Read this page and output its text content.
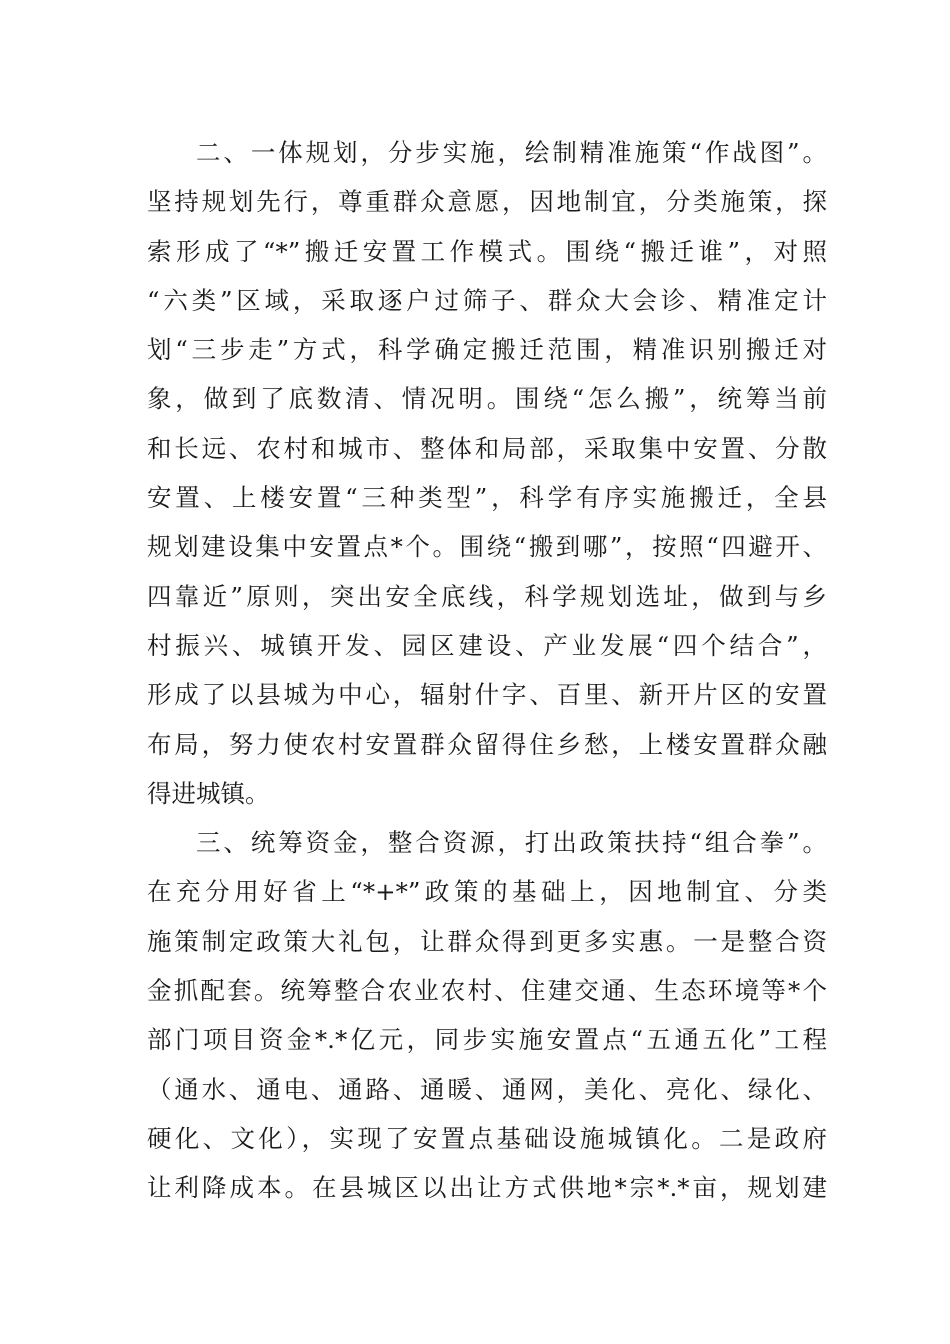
二、一体规划，分步实施，绘制精准施策“作战图”。
坚持规划先行，尊重群众意愿，因地制宜，分类施策，探
索形成了“*”搬迁安置工作模式。围绕“搬迁谁”，对照
“六类”区域，采取逐户过筛子、群众大会诊、精准定计
划“三步走”方式，科学确定搬迁范围，精准识别搬迁对
象，做到了底数清、情况明。围绕“怎么搬”，统筹当前
和长远、农村和城市、整体和局部，采取集中安置、分散
安置、上楼安置“三种类型”，科学有序实施搬迁，全县
规划建设集中安置点*个。围绕“搬到哪”，按照“四避开、
四靠近”原则，突出安全底线，科学规划选址，做到与乡
村振兴、城镇开发、园区建设、产业发展“四个结合”，
形成了以县城为中心，辐射什字、百里、新开片区的安置
布局，努力使农村安置群众留得住乡愁，上楼安置群众融
得进城镇。
三、统筹资金，整合资源，打出政策扶持“组合拳”。
在充分用好省上“*+*”政策的基础上，因地制宜、分类
施策制定政策大礼包，让群众得到更多实惠。一是整合资
金抓配套。统筹整合农业农村、住建交通、生态环境等*个
部门项目资金*.*亿元，同步实施安置点“五通五化”工程
（通水、通电、通路、通暖、通网，美化、亮化、绿化、
硬化、文化），实现了安置点基础设施城镇化。二是政府
让利降成本。在县城区以出让方式供地*宗*.*亩，规划建
